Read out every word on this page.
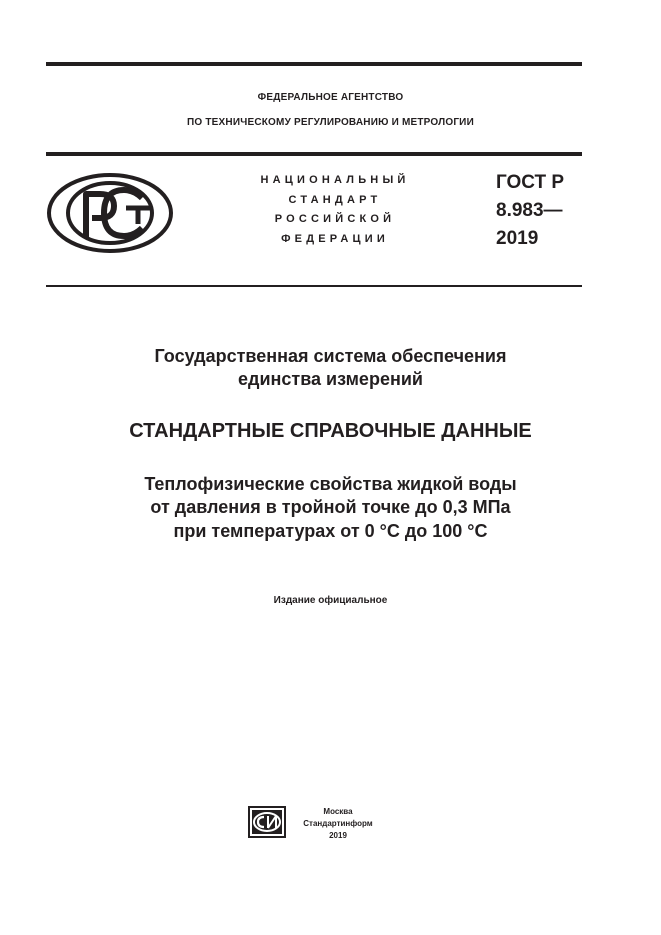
ФЕДЕРАЛЬНОЕ АГЕНТСТВО
ПО ТЕХНИЧЕСКОМУ РЕГУЛИРОВАНИЮ И МЕТРОЛОГИИ
НАЦИОНАЛЬНЫЙ
СТАНДАРТ
РОССИЙСКОЙ
ФЕДЕРАЦИИ
ГОСТ Р
8.983—
2019
Государственная система обеспечения
единства измерений
СТАНДАРТНЫЕ СПРАВОЧНЫЕ ДАННЫЕ
Теплофизические свойства жидкой воды
от давления в тройной точке до 0,3 МПа
при температурах от 0 °С до 100 °С
Издание официальное
Москва
Стандартинформ
2019
